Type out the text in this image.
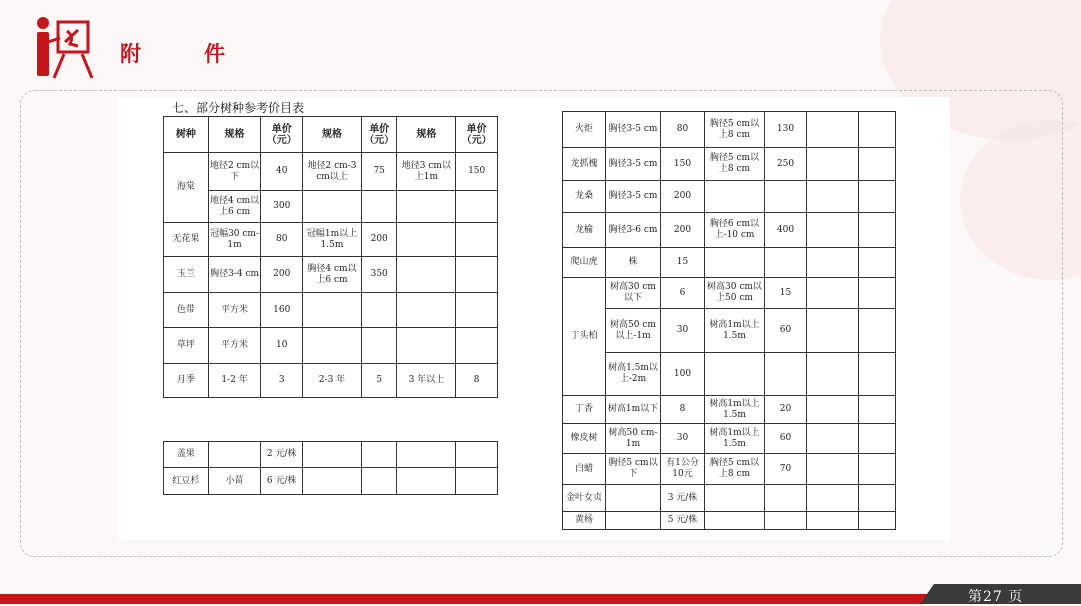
附	件
七、部分树种参考价目表
树种	规格	单价（元）	规格	单价（元）	规格	单价（元）
海棠	地径2 cm以下	40	地径2 cm-3 cm以上	75	地径3 cm以上1m	150
	地径4 cm以上6 cm	300				
无花果	冠幅30 cm-1m	80	冠幅1m以上1.5m	200		
玉兰	胸径3-4 cm	200	胸径4 cm以上6 cm	350		
色带	平方米	160				
草坪	平方米	10				
月季	1-2 年	3	2-3 年	5	3 年以上	8
盖果		2 元/株				
红豆杉	小苗	6 元/株				
火炬	胸径3-5 cm	80	胸径5 cm以上8 cm	130		
龙抓槐	胸径3-5 cm	150	胸径5 cm以上8 cm	250		
龙桑	胸径3-5 cm	200				
龙榆	胸径3-6 cm	200	胸径6 cm以上-10 cm	400		
爬山虎	株	15				
丁头柏	树高30 cm以下	6	树高30 cm以上50 cm	15		
	树高50 cm以上-1m	30	树高1m以上1.5m	60		
	树高1.5m以上-2m	100				
丁香	树高1m以下	8	树高1m以上1.5m	20		
橡皮树	树高50 cm-1m	30	树高1m以上1.5m	60		
白蜡	胸径5 cm以下	有1公分10元	胸径5 cm以上8 cm	70		
金叶女贞		3 元/株				
黄杨		5 元/株				
第27 页
